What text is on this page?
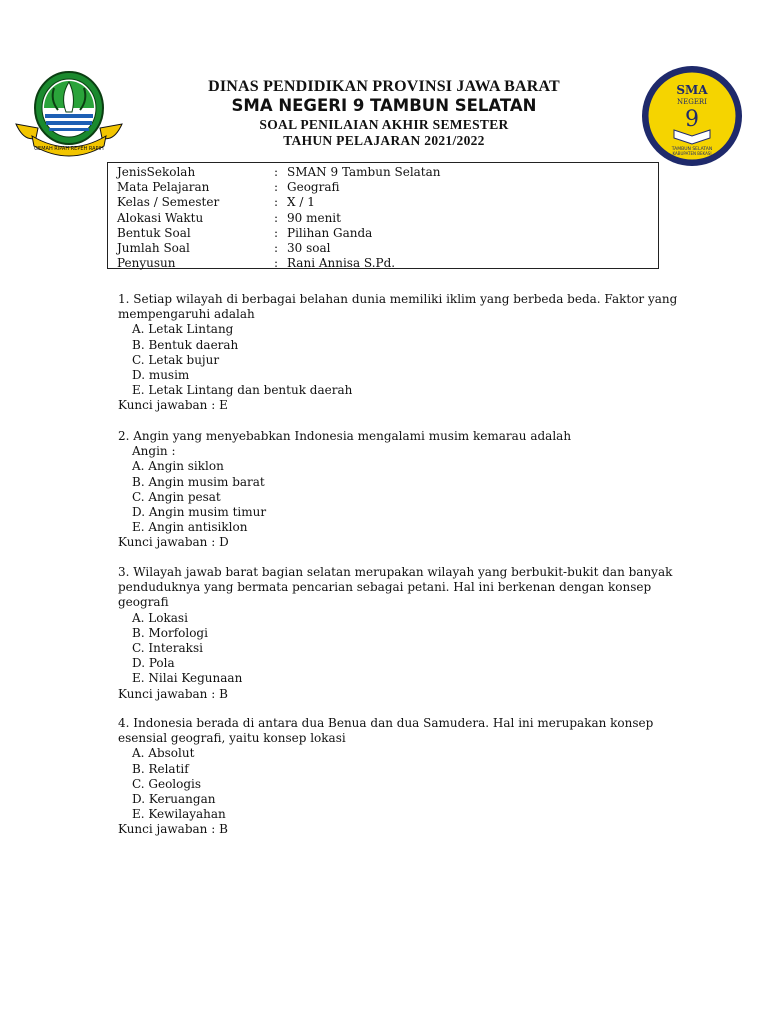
GEMAH RIPAH REPEH RAPIH
SMA
NEGERI
9
TAMBUN SELATAN
KABUPATEN BEKASI
DINAS PENDIDIKAN PROVINSI JAWA BARAT
SMA NEGERI 9 TAMBUN SELATAN
SOAL PENILAIAN AKHIR SEMESTER
TAHUN PELAJARAN 2021/2022
JenisSekolah	: SMAN 9 Tambun Selatan
Mata Pelajaran	: Geografi
Kelas / Semester	: X / 1
Alokasi Waktu	: 90 menit
Bentuk Soal	: Pilihan Ganda
Jumlah Soal	: 30 soal
Penyusun	: Rani Annisa S.Pd.
1. Setiap wilayah di berbagai belahan dunia memiliki iklim yang berbeda beda. Faktor yang
mempengaruhi adalah
A. Letak Lintang
B. Bentuk daerah
C. Letak bujur
D. musim
E. Letak Lintang dan bentuk daerah
Kunci jawaban : E
2. Angin yang menyebabkan Indonesia mengalami musim kemarau adalah
Angin :
A. Angin siklon
B. Angin musim barat
C. Angin pesat
D. Angin musim timur
E. Angin antisiklon
Kunci jawaban : D
3. Wilayah jawab barat bagian selatan merupakan wilayah yang berbukit-bukit dan banyak
penduduknya yang bermata pencarian sebagai petani. Hal ini berkenan dengan konsep
geografi
A. Lokasi
B. Morfologi
C. Interaksi
D. Pola
E. Nilai Kegunaan
Kunci jawaban : B
4. Indonesia berada di antara dua Benua dan dua Samudera. Hal ini merupakan konsep
esensial geografi, yaitu konsep lokasi
A. Absolut
B. Relatif
C. Geologis
D. Keruangan
E. Kewilayahan
Kunci jawaban : B
